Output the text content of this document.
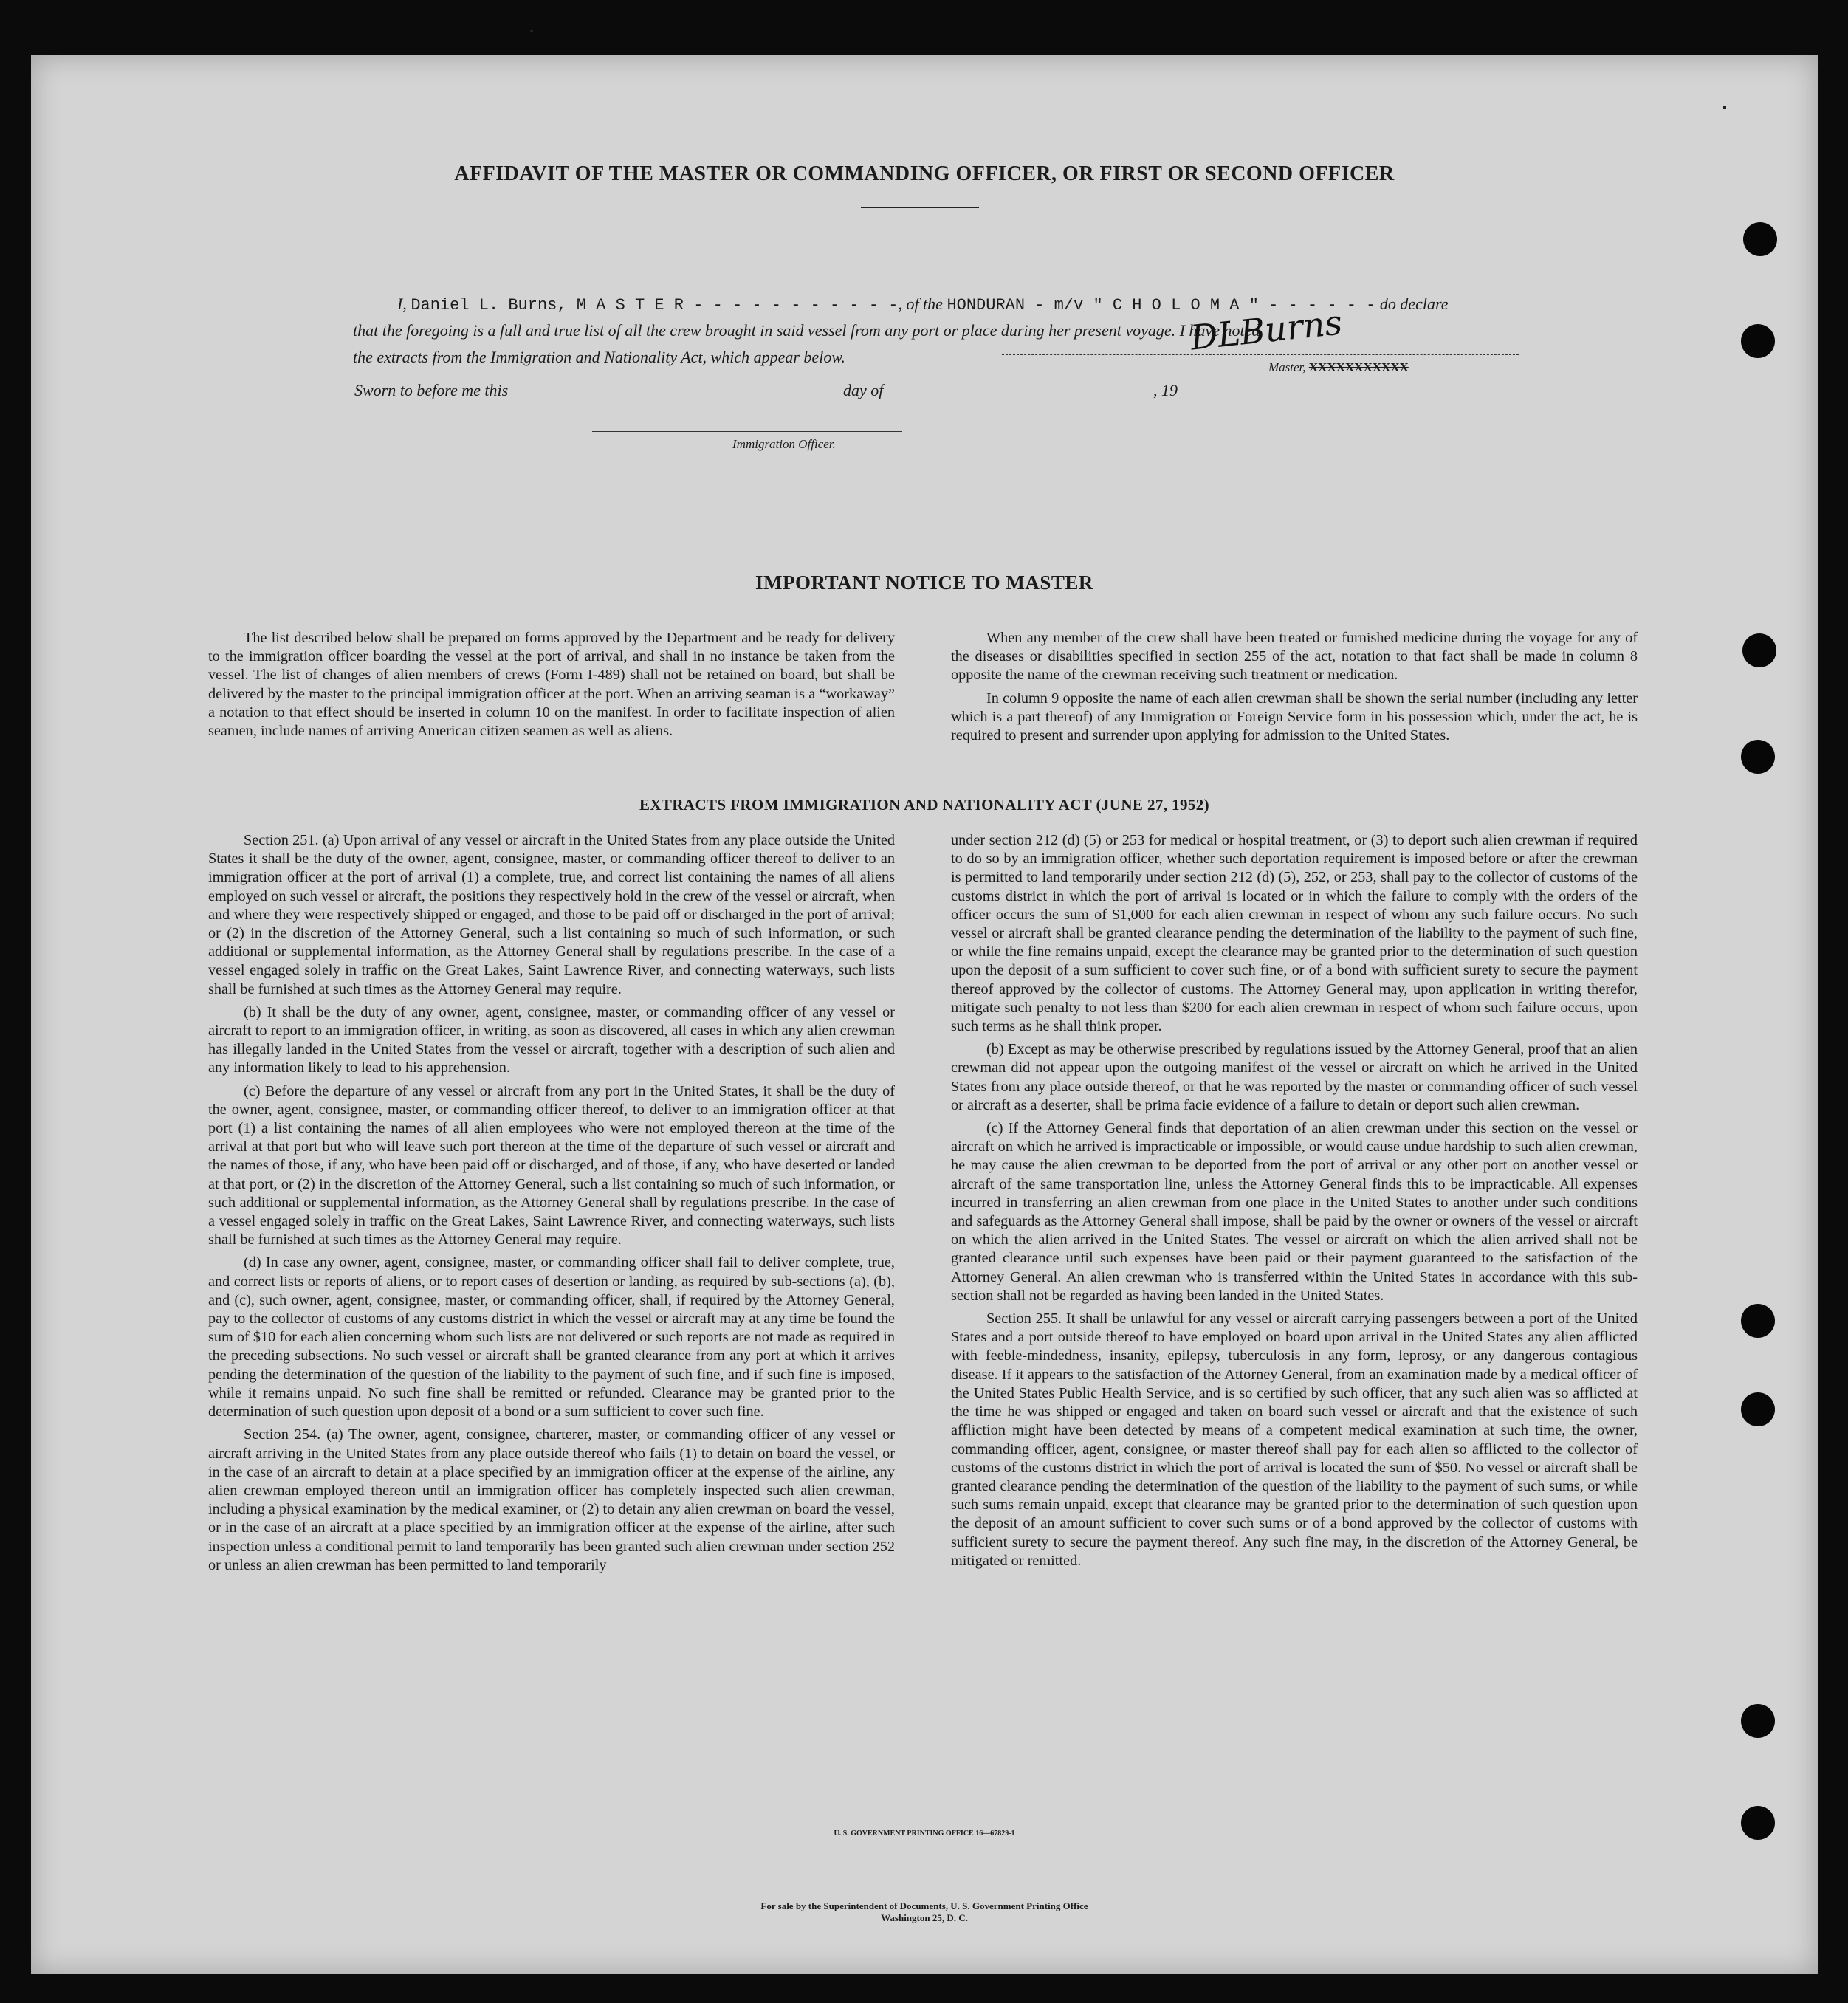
AFFIDAVIT OF THE MASTER OR COMMANDING OFFICER, OR FIRST OR SECOND OFFICER
I, Daniel L. Burns, M A S T E R - - - - - - - - - - -, of the HONDURAN - m/v " C H O L O M A " - - - - - - do declare
that the foregoing is a full and true list of all the crew brought in said vessel from any port or place during her present voyage. I have noted
the extracts from the Immigration and Nationality Act, which appear below.	DLBurns
Master, XXXXXXXXXXX
Sworn to before me this	day of	, 19
Immigration Officer.
IMPORTANT NOTICE TO MASTER

The list described below shall be prepared on forms approved by the Department and be ready for delivery to the immigration officer boarding the vessel at the port of arrival, and shall in no instance be taken from the vessel. The list of changes of alien members of crews (Form I-489) shall not be retained on board, but shall be delivered by the master to the principal immigration officer at the port. When an arriving seaman is a “workaway” a notation to that effect should be inserted in column 10 on the manifest. In order to facilitate inspection of alien seamen, include names of arriving American citizen seamen as well as aliens.

When any member of the crew shall have been treated or furnished medicine during the voyage for any of the diseases or disabilities specified in section 255 of the act, notation to that fact shall be made in column 8 opposite the name of the crewman receiving such treatment or medication.

In column 9 opposite the name of each alien crewman shall be shown the serial number (including any letter which is a part thereof) of any Immigration or Foreign Service form in his possession which, under the act, he is required to present and surrender upon applying for admission to the United States.

EXTRACTS FROM IMMIGRATION AND NATIONALITY ACT (JUNE 27, 1952)

Section 251. (a) Upon arrival of any vessel or aircraft in the United States from any place outside the United States it shall be the duty of the owner, agent, consignee, master, or commanding officer thereof to deliver to an immigration officer at the port of arrival (1) a complete, true, and correct list containing the names of all aliens employed on such vessel or aircraft, the positions they respectively hold in the crew of the vessel or aircraft, when and where they were respectively shipped or engaged, and those to be paid off or discharged in the port of arrival; or (2) in the discretion of the Attorney General, such a list containing so much of such information, or such additional or supplemental information, as the Attorney General shall by regulations prescribe. In the case of a vessel engaged solely in traffic on the Great Lakes, Saint Lawrence River, and connecting waterways, such lists shall be furnished at such times as the Attorney General may require.

(b) It shall be the duty of any owner, agent, consignee, master, or commanding officer of any vessel or aircraft to report to an immigration officer, in writing, as soon as discovered, all cases in which any alien crewman has illegally landed in the United States from the vessel or aircraft, together with a description of such alien and any information likely to lead to his apprehension.

(c) Before the departure of any vessel or aircraft from any port in the United States, it shall be the duty of the owner, agent, consignee, master, or commanding officer thereof, to deliver to an immigration officer at that port (1) a list containing the names of all alien employees who were not employed thereon at the time of the arrival at that port but who will leave such port thereon at the time of the departure of such vessel or aircraft and the names of those, if any, who have been paid off or discharged, and of those, if any, who have deserted or landed at that port, or (2) in the discretion of the Attorney General, such a list containing so much of such information, or such additional or supplemental information, as the Attorney General shall by regulations prescribe. In the case of a vessel engaged solely in traffic on the Great Lakes, Saint Lawrence River, and connecting waterways, such lists shall be furnished at such times as the Attorney General may require.

(d) In case any owner, agent, consignee, master, or commanding officer shall fail to deliver complete, true, and correct lists or reports of aliens, or to report cases of desertion or landing, as required by sub-sections (a), (b), and (c), such owner, agent, consignee, master, or commanding officer, shall, if required by the Attorney General, pay to the collector of customs of any customs district in which the vessel or aircraft may at any time be found the sum of $10 for each alien concerning whom such lists are not delivered or such reports are not made as required in the preceding subsections. No such vessel or aircraft shall be granted clearance from any port at which it arrives pending the determination of the question of the liability to the payment of such fine, and if such fine is imposed, while it remains unpaid. No such fine shall be remitted or refunded. Clearance may be granted prior to the determination of such question upon deposit of a bond or a sum sufficient to cover such fine.

Section 254. (a) The owner, agent, consignee, charterer, master, or commanding officer of any vessel or aircraft arriving in the United States from any place outside thereof who fails (1) to detain on board the vessel, or in the case of an aircraft to detain at a place specified by an immigration officer at the expense of the airline, any alien crewman employed thereon until an immigration officer has completely inspected such alien crewman, including a physical examination by the medical examiner, or (2) to detain any alien crewman on board the vessel, or in the case of an aircraft at a place specified by an immigration officer at the expense of the airline, after such inspection unless a conditional permit to land temporarily has been granted such alien crewman under section 252 or unless an alien crewman has been permitted to land temporarily

under section 212 (d) (5) or 253 for medical or hospital treatment, or (3) to deport such alien crewman if required to do so by an immigration officer, whether such deportation requirement is imposed before or after the crewman is permitted to land temporarily under section 212 (d) (5), 252, or 253, shall pay to the collector of customs of the customs district in which the port of arrival is located or in which the failure to comply with the orders of the officer occurs the sum of $1,000 for each alien crewman in respect of whom any such failure occurs. No such vessel or aircraft shall be granted clearance pending the determination of the liability to the payment of such fine, or while the fine remains unpaid, except the clearance may be granted prior to the determination of such question upon the deposit of a sum sufficient to cover such fine, or of a bond with sufficient surety to secure the payment thereof approved by the collector of customs. The Attorney General may, upon application in writing therefor, mitigate such penalty to not less than $200 for each alien crewman in respect of whom such failure occurs, upon such terms as he shall think proper.

(b) Except as may be otherwise prescribed by regulations issued by the Attorney General, proof that an alien crewman did not appear upon the outgoing manifest of the vessel or aircraft on which he arrived in the United States from any place outside thereof, or that he was reported by the master or commanding officer of such vessel or aircraft as a deserter, shall be prima facie evidence of a failure to detain or deport such alien crewman.

(c) If the Attorney General finds that deportation of an alien crewman under this section on the vessel or aircraft on which he arrived is impracticable or impossible, or would cause undue hardship to such alien crewman, he may cause the alien crewman to be deported from the port of arrival or any other port on another vessel or aircraft of the same transportation line, unless the Attorney General finds this to be impracticable. All expenses incurred in transferring an alien crewman from one place in the United States to another under such conditions and safeguards as the Attorney General shall impose, shall be paid by the owner or owners of the vessel or aircraft on which the alien arrived in the United States. The vessel or aircraft on which the alien arrived shall not be granted clearance until such expenses have been paid or their payment guaranteed to the satisfaction of the Attorney General. An alien crewman who is transferred within the United States in accordance with this sub-section shall not be regarded as having been landed in the United States.

Section 255. It shall be unlawful for any vessel or aircraft carrying passengers between a port of the United States and a port outside thereof to have employed on board upon arrival in the United States any alien afflicted with feeble-mindedness, insanity, epilepsy, tuberculosis in any form, leprosy, or any dangerous contagious disease. If it appears to the satisfaction of the Attorney General, from an examination made by a medical officer of the United States Public Health Service, and is so certified by such officer, that any such alien was so afflicted at the time he was shipped or engaged and taken on board such vessel or aircraft and that the existence of such affliction might have been detected by means of a competent medical examination at such time, the owner, commanding officer, agent, consignee, or master thereof shall pay for each alien so afflicted to the collector of customs of the customs district in which the port of arrival is located the sum of $50. No vessel or aircraft shall be granted clearance pending the determination of the question of the liability to the payment of such sums, or while such sums remain unpaid, except that clearance may be granted prior to the determination of such question upon the deposit of an amount sufficient to cover such sums or of a bond approved by the collector of customs with sufficient surety to secure the payment thereof. Any such fine may, in the discretion of the Attorney General, be mitigated or remitted.

U. S. GOVERNMENT PRINTING OFFICE 16—67829-1
For sale by the Superintendent of Documents, U. S. Government Printing Office
Washington 25, D. C.
